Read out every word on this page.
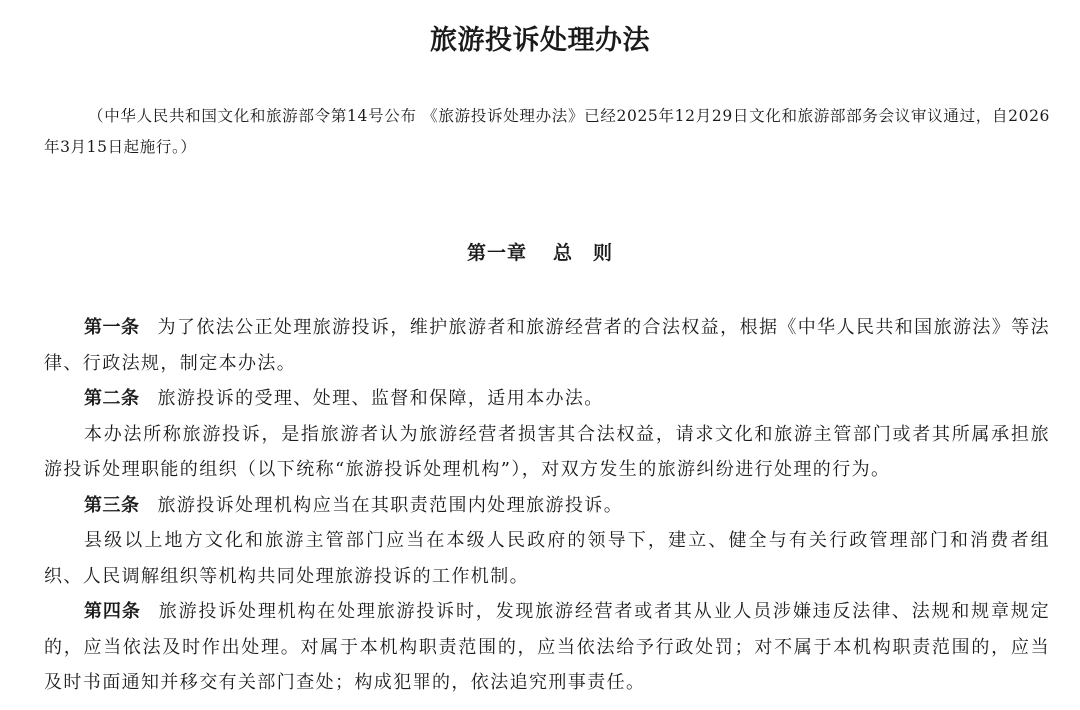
旅游投诉处理办法
（中华人民共和国文化和旅游部令第14号公布 《旅游投诉处理办法》已经2025年12月29日文化和旅游部部务会议审议通过，自2026年3月15日起施行。）
第一章 总 则

第一条 为了依法公正处理旅游投诉，维护旅游者和旅游经营者的合法权益，根据《中华人民共和国旅游法》等法律、行政法规，制定本办法。

第二条 旅游投诉的受理、处理、监督和保障，适用本办法。

本办法所称旅游投诉，是指旅游者认为旅游经营者损害其合法权益，请求文化和旅游主管部门或者其所属承担旅游投诉处理职能的组织（以下统称“旅游投诉处理机构”），对双方发生的旅游纠纷进行处理的行为。

第三条 旅游投诉处理机构应当在其职责范围内处理旅游投诉。

县级以上地方文化和旅游主管部门应当在本级人民政府的领导下，建立、健全与有关行政管理部门和消费者组织、人民调解组织等机构共同处理旅游投诉的工作机制。

第四条 旅游投诉处理机构在处理旅游投诉时，发现旅游经营者或者其从业人员涉嫌违反法律、法规和规章规定的，应当依法及时作出处理。对属于本机构职责范围的，应当依法给予行政处罚；对不属于本机构职责范围的，应当及时书面通知并移交有关部门查处；构成犯罪的，依法追究刑事责任。
